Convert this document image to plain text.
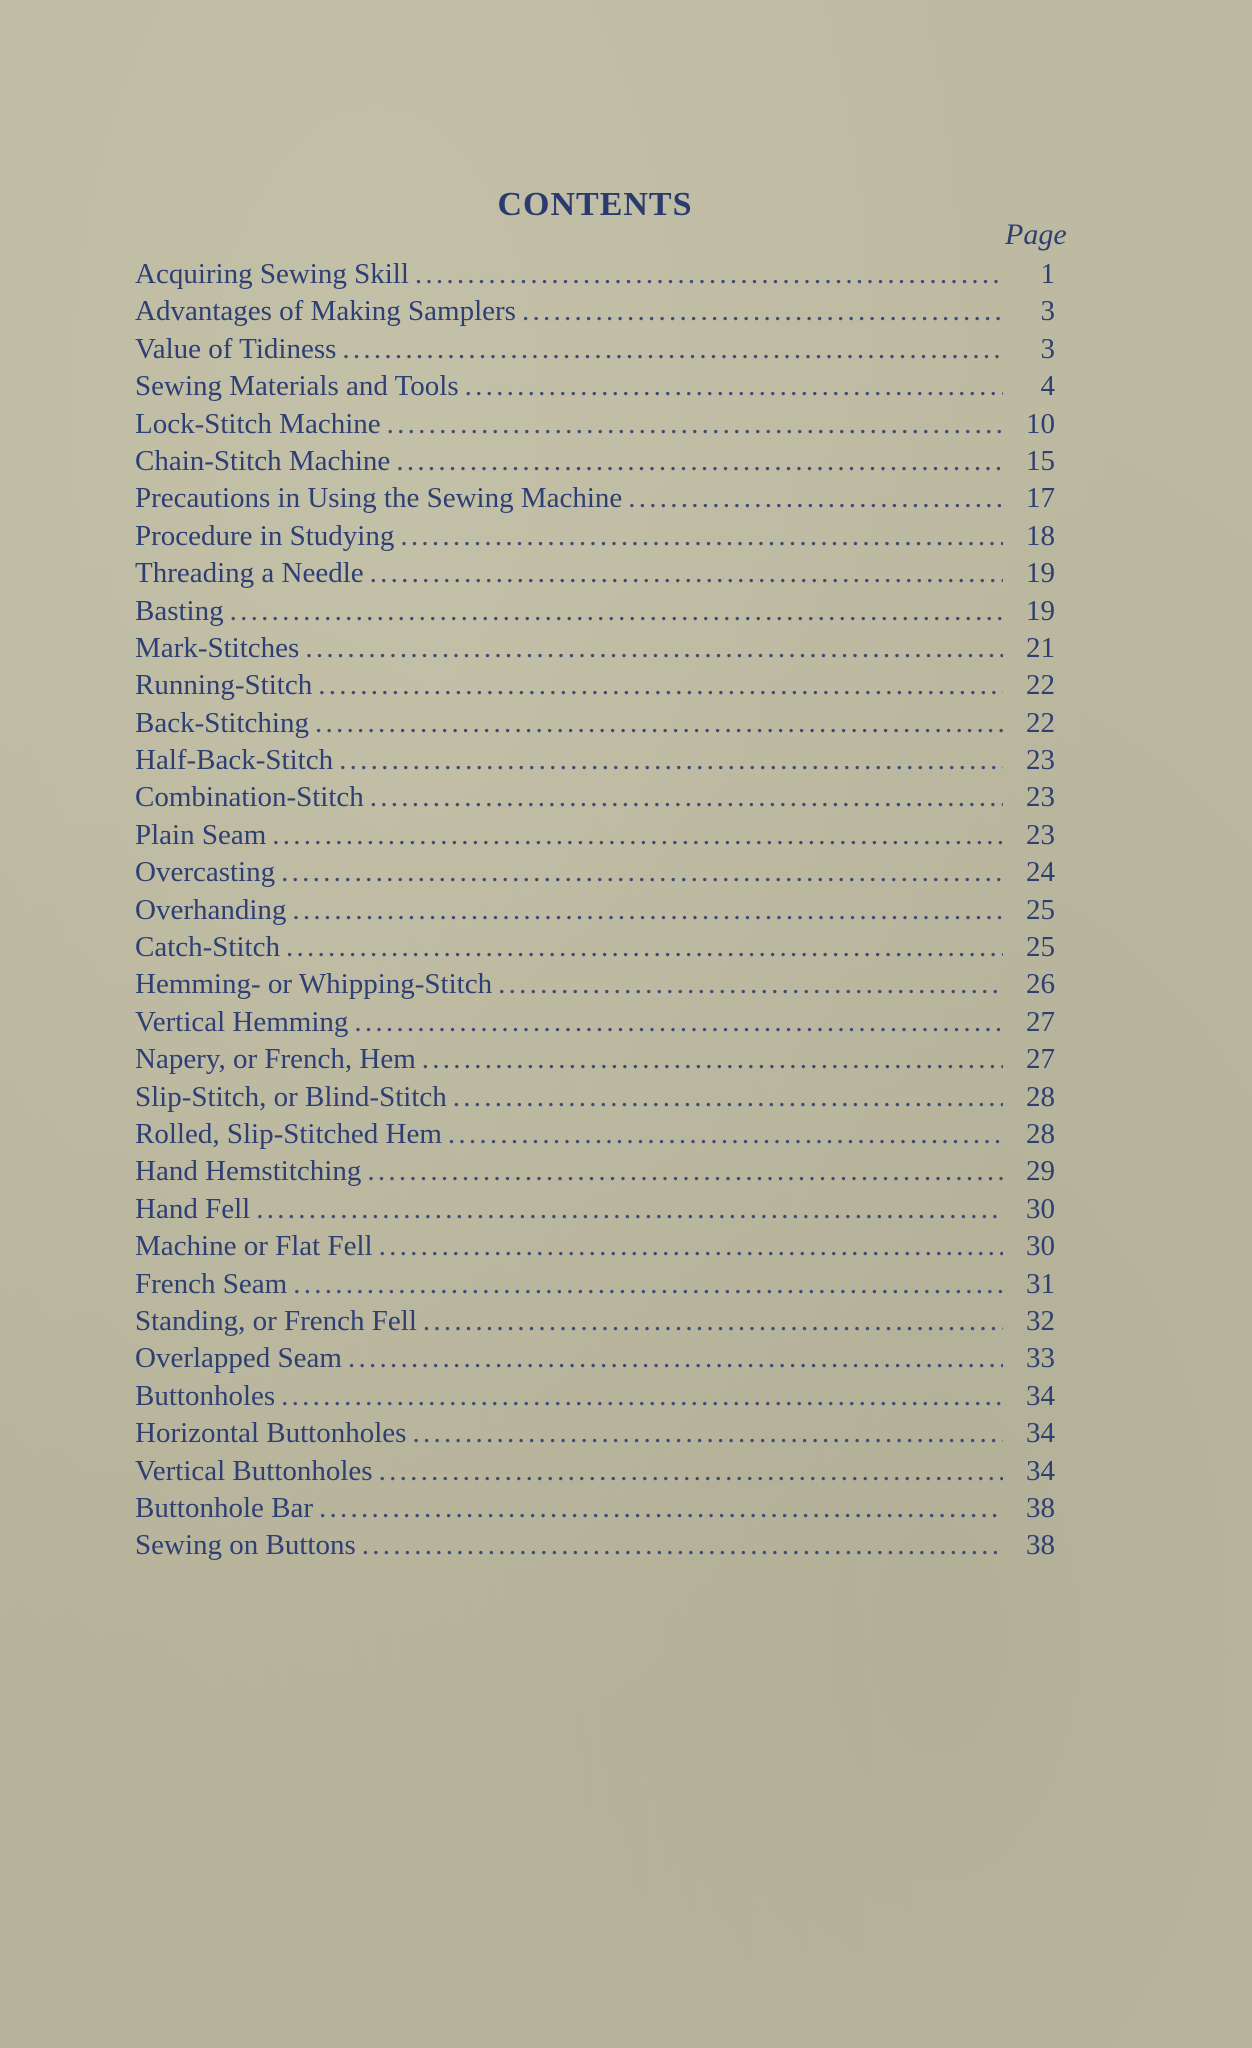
CONTENTS
Page
Acquiring Sewing Skill . . .	1
Advantages of Making Samplers . . .	3
Value of Tidiness . . .	3
Sewing Materials and Tools . . .	4
Lock-Stitch Machine . . .	10
Chain-Stitch Machine . . .	15
Precautions in Using the Sewing Machine . . .	17
Procedure in Studying . . .	18
Threading a Needle . . .	19
Basting . . .	19
Mark-Stitches . . .	21
Running-Stitch . . .	22
Back-Stitching . . .	22
Half-Back-Stitch . . .	23
Combination-Stitch . . .	23
Plain Seam . . .	23
Overcasting . . .	24
Overhanding . . .	25
Catch-Stitch . . .	25
Hemming- or Whipping-Stitch . . .	26
Vertical Hemming . . .	27
Napery, or French, Hem . . .	27
Slip-Stitch, or Blind-Stitch . . .	28
Rolled, Slip-Stitched Hem . . .	28
Hand Hemstitching . . .	29
Hand Fell . . .	30
Machine or Flat Fell . . .	30
French Seam . . .	31
Standing, or French Fell . . .	32
Overlapped Seam . . .	33
Buttonholes . . .	34
Horizontal Buttonholes . . .	34
Vertical Buttonholes . . .	34
Buttonhole Bar . . .	38
Sewing on Buttons . . .	38
